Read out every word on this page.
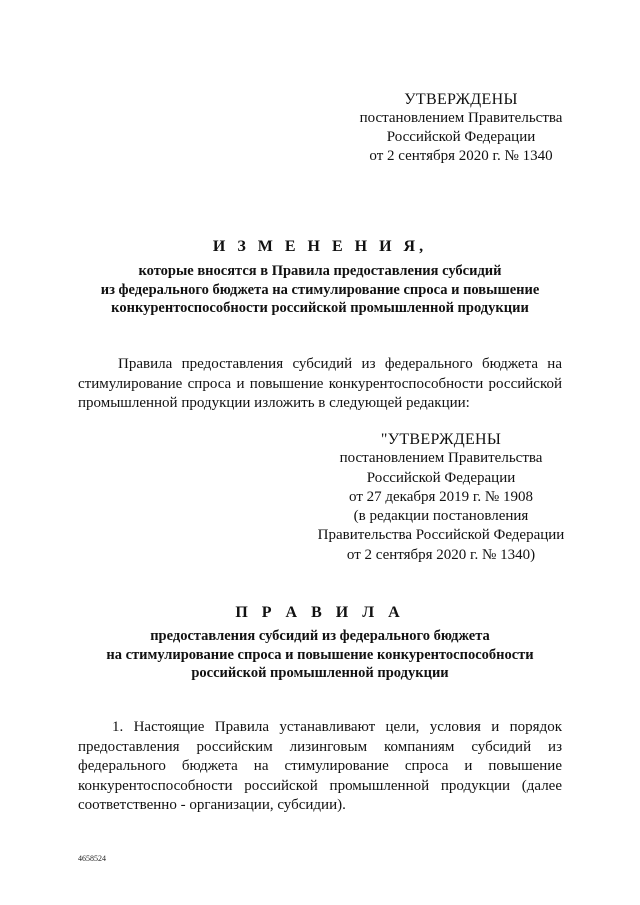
УТВЕРЖДЕНЫ
постановлением Правительства
Российской Федерации
от 2 сентября 2020 г. № 1340
И З М Е Н Е Н И Я,
которые вносятся в Правила предоставления субсидий
из федерального бюджета на стимулирование спроса и повышение
конкурентоспособности российской промышленной продукции
Правила предоставления субсидий из федерального бюджета на стимулирование спроса и повышение конкурентоспособности российской промышленной продукции изложить в следующей редакции:
"УТВЕРЖДЕНЫ
постановлением Правительства
Российской Федерации
от 27 декабря 2019 г. № 1908
(в редакции постановления
Правительства Российской Федерации
от 2 сентября 2020 г. № 1340)
П Р А В И Л А
предоставления субсидий из федерального бюджета
на стимулирование спроса и повышение конкурентоспособности
российской промышленной продукции
1. Настоящие Правила устанавливают цели, условия и порядок предоставления российским лизинговым компаниям субсидий из федерального бюджета на стимулирование спроса и повышение конкурентоспособности российской промышленной продукции (далее соответственно - организации, субсидии).
4658524
